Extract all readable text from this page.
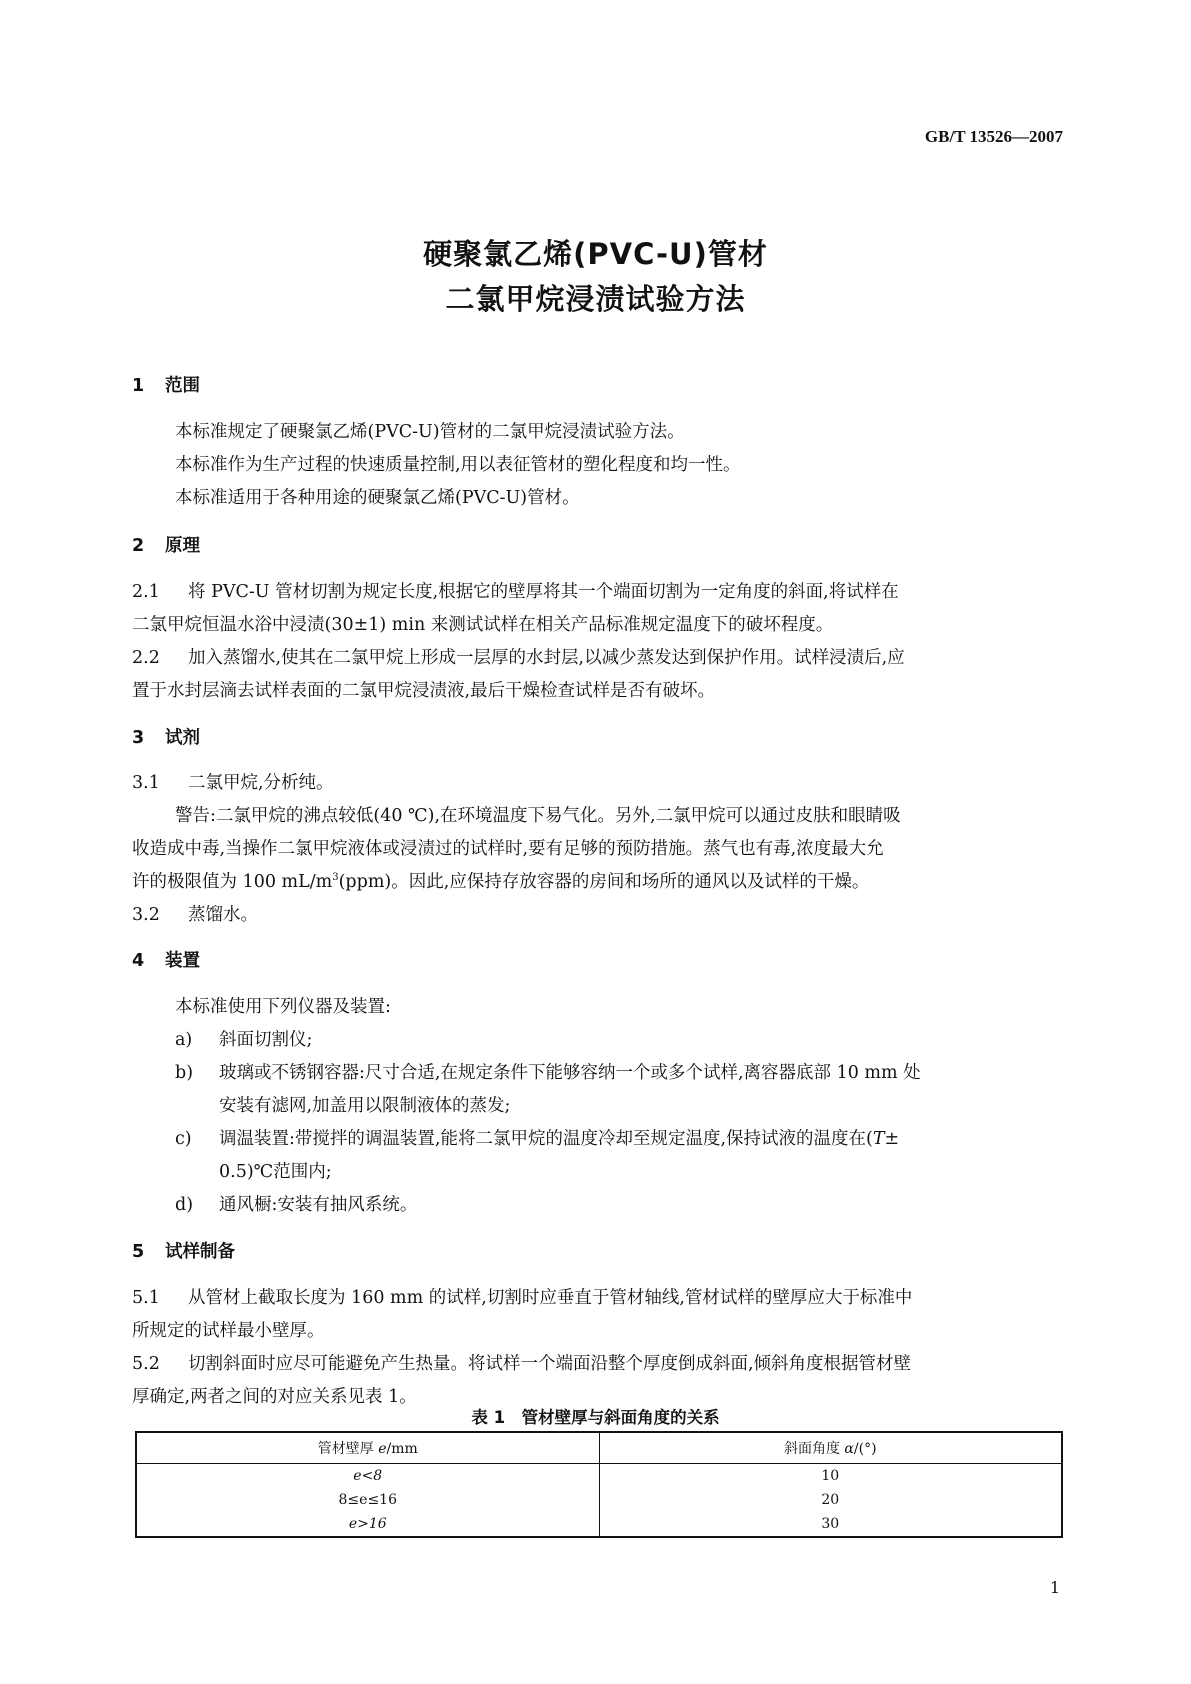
GB/T 13526—2007
硬聚氯乙烯(PVC-U)管材
二氯甲烷浸渍试验方法
1 范围
本标准规定了硬聚氯乙烯(PVC-U)管材的二氯甲烷浸渍试验方法。
本标准作为生产过程的快速质量控制,用以表征管材的塑化程度和均一性。
本标准适用于各种用途的硬聚氯乙烯(PVC-U)管材。
2 原理
2.1 将 PVC-U 管材切割为规定长度,根据它的壁厚将其一个端面切割为一定角度的斜面,将试样在
二氯甲烷恒温水浴中浸渍(30±1) min 来测试试样在相关产品标准规定温度下的破坏程度。
2.2 加入蒸馏水,使其在二氯甲烷上形成一层厚的水封层,以减少蒸发达到保护作用。试样浸渍后,应
置于水封层滴去试样表面的二氯甲烷浸渍液,最后干燥检查试样是否有破坏。
3 试剂
3.1 二氯甲烷,分析纯。
警告:二氯甲烷的沸点较低(40 ℃),在环境温度下易气化。另外,二氯甲烷可以通过皮肤和眼睛吸
收造成中毒,当操作二氯甲烷液体或浸渍过的试样时,要有足够的预防措施。蒸气也有毒,浓度最大允
许的极限值为 100 $mL/m^3(ppm)$。因此,应保持存放容器的房间和场所的通风以及试样的干燥。
3.2 蒸馏水。
4 装置
本标准使用下列仪器及装置:
a) 斜面切割仪;
b) 玻璃或不锈钢容器:尺寸合适,在规定条件下能够容纳一个或多个试样,离容器底部 10 mm 处
安装有滤网,加盖用以限制液体的蒸发;
c) 调温装置:带搅拌的调温装置,能将二氯甲烷的温度冷却至规定温度,保持试液的温度在(T±
0.5)℃范围内;
d) 通风橱:安装有抽风系统。
5 试样制备
5.1 从管材上截取长度为 160 mm 的试样,切割时应垂直于管材轴线,管材试样的壁厚应大于标准中
所规定的试样最小壁厚。
5.2 切割斜面时应尽可能避免产生热量。将试样一个端面沿整个厚度倒成斜面,倾斜角度根据管材壁
厚确定,两者之间的对应关系见表 1。
表 1　管材壁厚与斜面角度的关系
管材壁厚 e/mm	斜面角度 α/(°)
e<8	10
8≤e≤16	20
e>16	30
1
